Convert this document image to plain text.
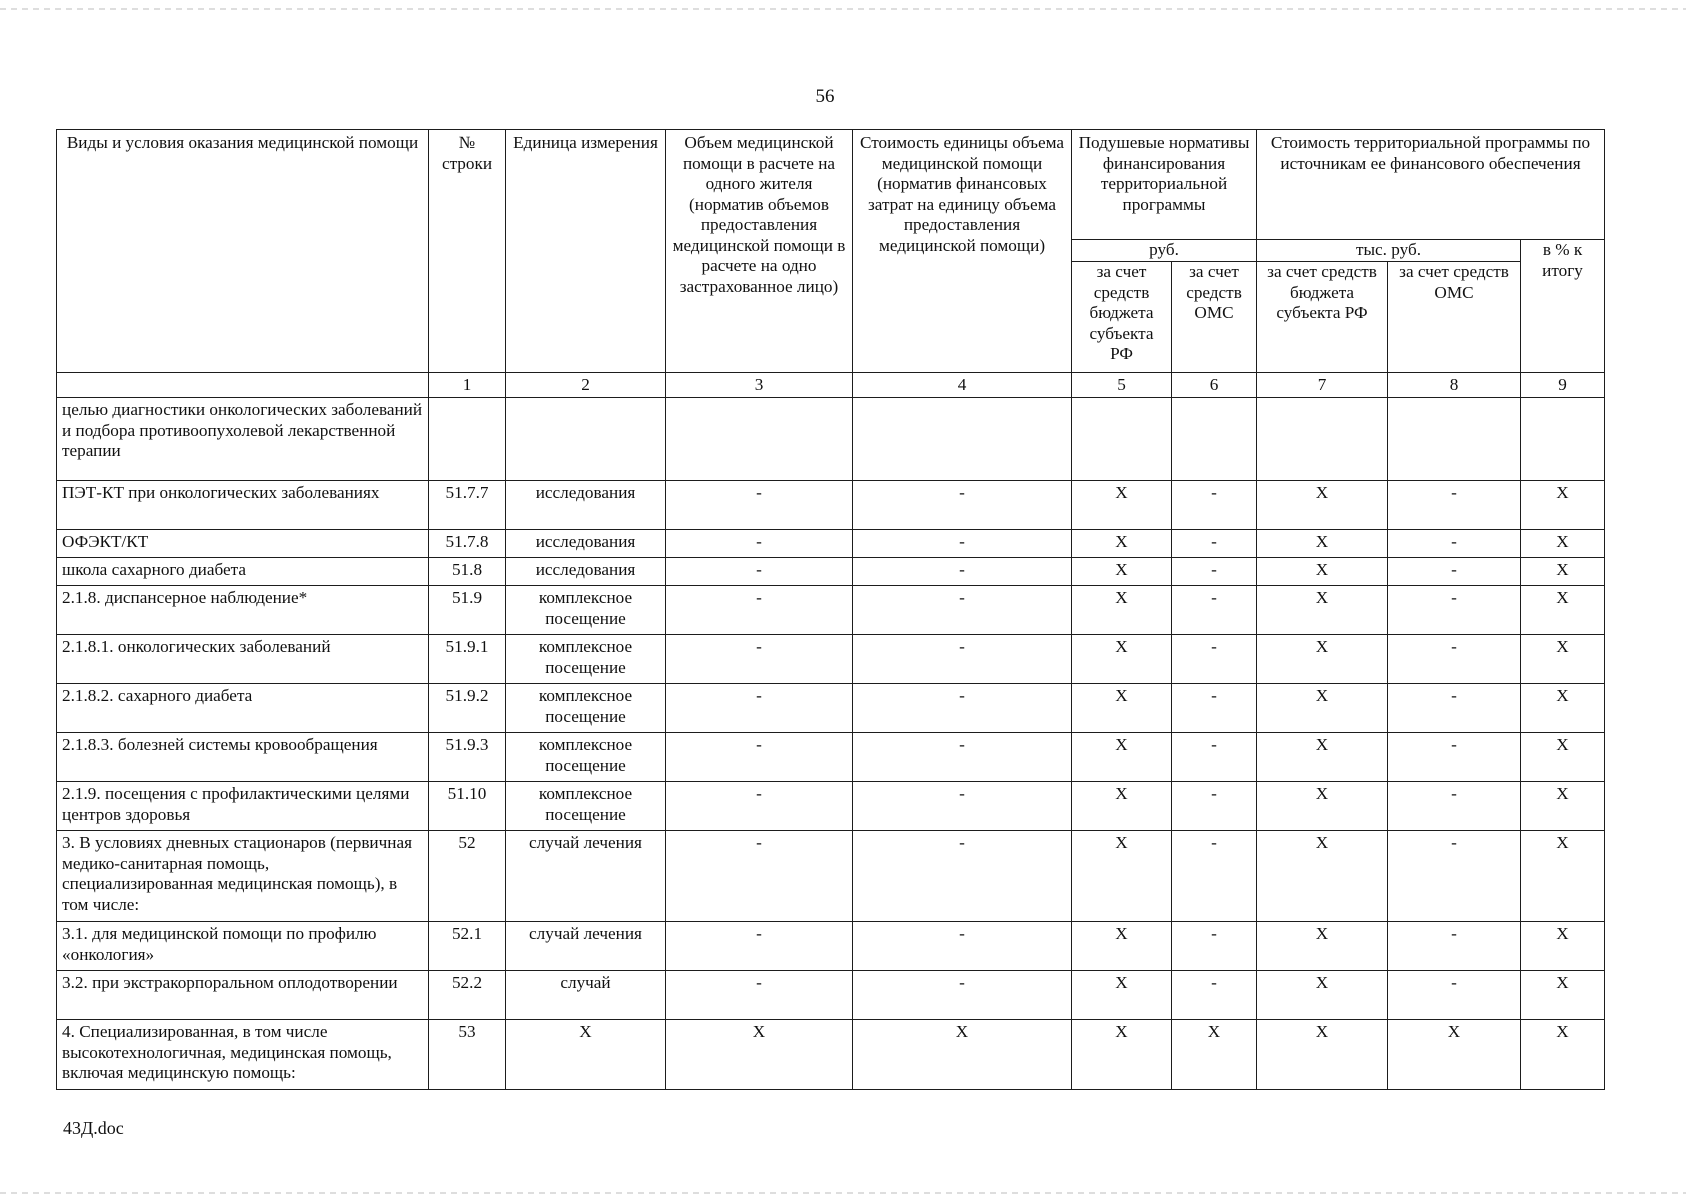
56
Виды и условия оказания медицинской помощи	№ строки	Единица измерения	Объем медицинской помощи в расчете на одного жителя (норматив объемов предоставления медицинской помощи в расчете на одно застрахованное лицо)	Стоимость единицы объема медицинской помощи (норматив финансовых затрат на единицу объема предоставления медицинской помощи)	Подушевые нормативы финансирования территориальной программы		Стоимость территориальной программы по источникам ее финансового обеспечения		
					руб.		тыс. руб.		в % к итогу
					за счет средств бюджета субъекта РФ	за счет средств ОМС	за счет средств бюджета субъекта РФ	за счет средств ОМС	
	1	2	3	4	5	6	7	8	9
целью диагностики онкологических заболеваний и подбора противоопухолевой лекарственной терапии									
ПЭТ-КТ при онкологических заболеваниях	51.7.7	исследования	-	-	X	-	X	-	X
ОФЭКТ/КТ	51.7.8	исследования	-	-	X	-	X	-	X
школа сахарного диабета	51.8	исследования	-	-	X	-	X	-	X
2.1.8. диспансерное наблюдение*	51.9	комплексное посещение	-	-	X	-	X	-	X
2.1.8.1. онкологических заболеваний	51.9.1	комплексное посещение	-	-	X	-	X	-	X
2.1.8.2. сахарного диабета	51.9.2	комплексное посещение	-	-	X	-	X	-	X
2.1.8.3. болезней системы кровообращения	51.9.3	комплексное посещение	-	-	X	-	X	-	X
2.1.9. посещения с профилактическими целями центров здоровья	51.10	комплексное посещение	-	-	X	-	X	-	X
3. В условиях дневных стационаров (первичная медико-санитарная помощь, специализированная медицинская помощь), в том числе:	52	случай лечения	-	-	X	-	X	-	X
3.1. для медицинской помощи по профилю «онкология»	52.1	случай лечения	-	-	X	-	X	-	X
3.2. при экстракорпоральном оплодотворении	52.2	случай	-	-	X	-	X	-	X
4. Специализированная, в том числе высокотехнологичная, медицинская помощь, включая медицинскую помощь:	53	X	X	X	X	X	X	X	X
43Д.doc
